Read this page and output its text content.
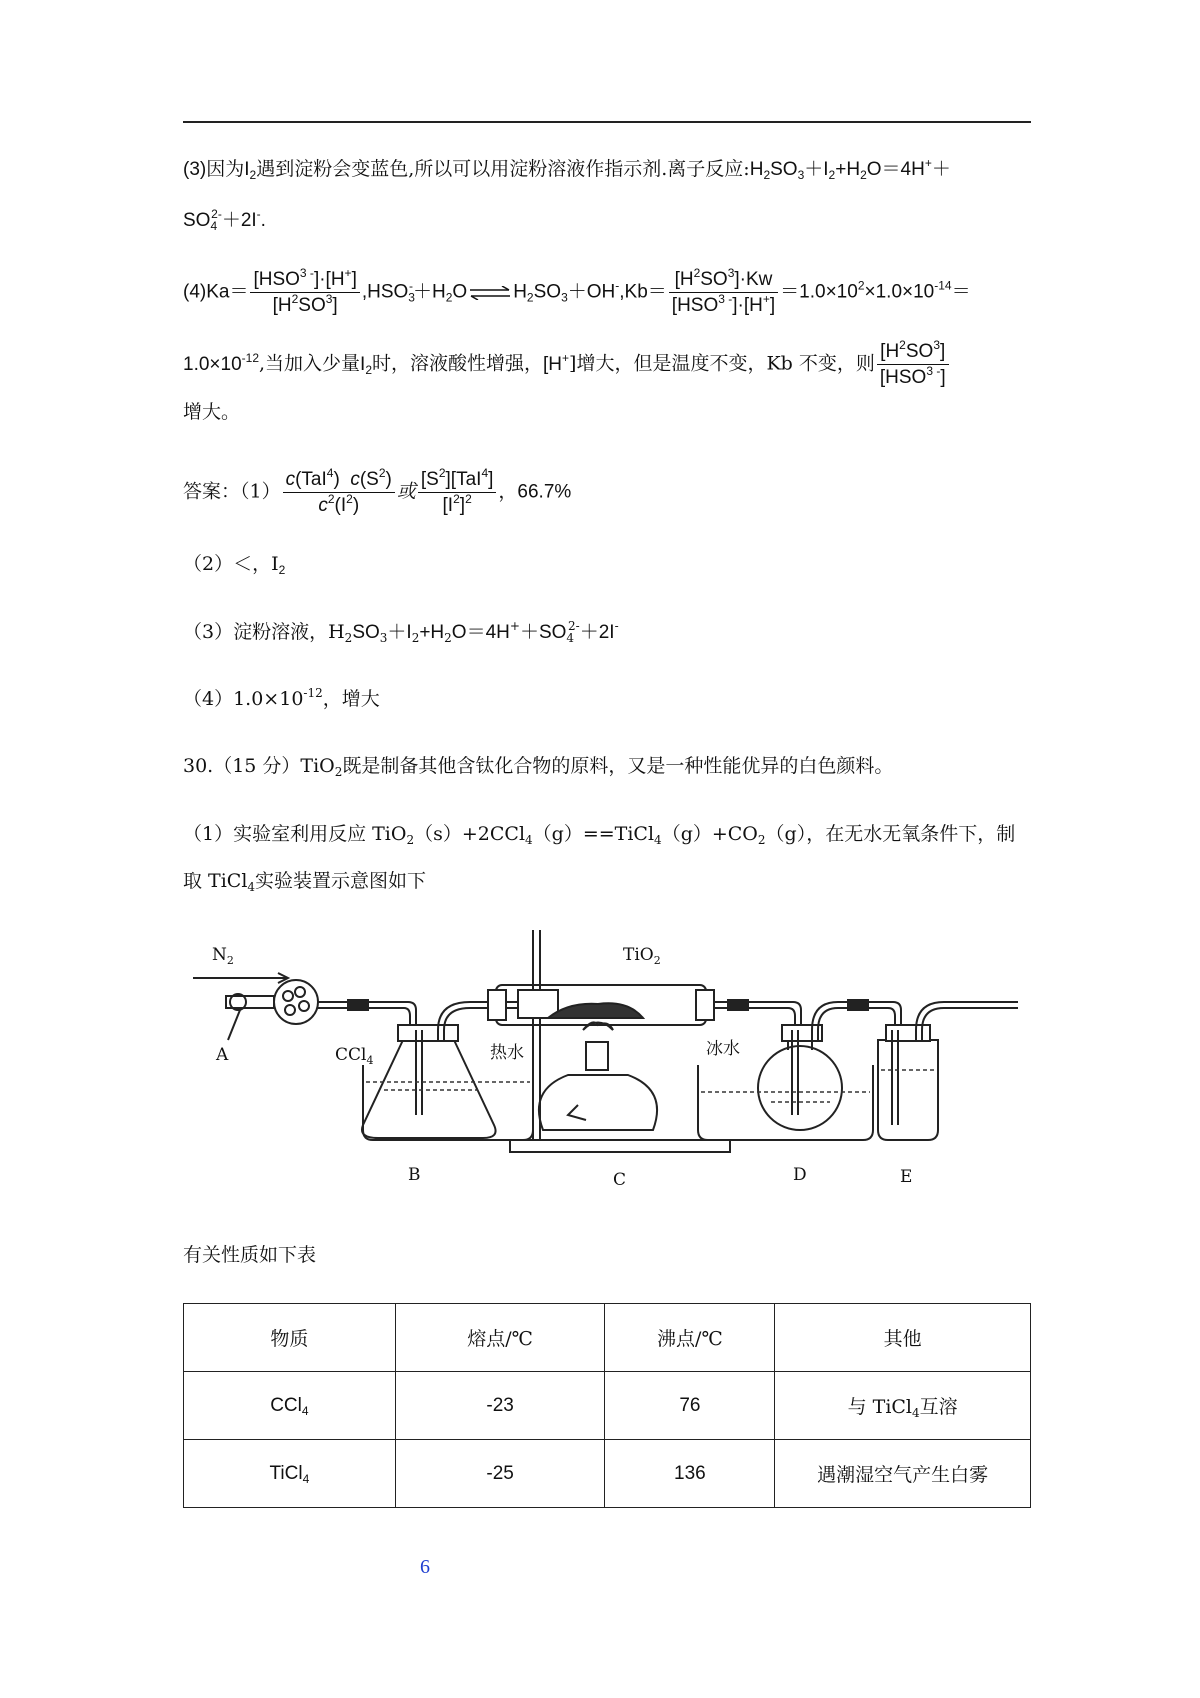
(3)因为$I_2$遇到淀粉会变蓝色,所以可以用淀粉溶液作指示剂.离子反应$:H_2SO_3+I_2+H_2O=4H^++$
$SO_4^{2-}+2I^-$.
$(4)Ka= \frac{[HSO^{3 -}]\cdot[H^+]}{[H^2SO^3]} ,HSO_3^-+H_2O$ ⇌ $H_2SO_3+OH^-,Kb= \frac{[H^2SO^3]\cdot Kw}{[HSO^{3 -}]\cdot[H^+]} =1.0\times 10^2\times 1.0\times 10^{-14}=$
$1.0\times 10^{-12}$,当加入少量$I_2$时，溶液酸性增强，[H+]增大，但是温度不变，Kb 不变，则 $\frac{[H^2SO^3]}{[HSO^{3 -}]}$
增大。
答案：$(1) \frac{c(TaI^4) c(S^2)}{c^2(I^2)}$ 或 $\frac{[S^2][TaI^4]}{[I^2]^2}$ ，66.7%
（2）＜，$I_2$
（3）淀粉溶液，$H_2SO_3+I_2+H_2O=4H^++SO_4^{2-}+2I^-$
$(4)1.0\times 10^{-12}$，增大
30.（15 分）TiO$_2$既是制备其他含钛化合物的原料，又是一种性能优异的白色颜料。
（1）实验室利用反应 $TiO_2(s)+2CCl_4(g)==TiCl_4(g)+CO_2(g)$，在无水无氧条件下，制
取 TiCl$_4$实验装置示意图如下
$N_2$	TiO$_2$
CCl$_4$	热水	冰水
A
B	C	D	E
有关性质如下表
物质	熔点/℃	沸点/℃	其他
CCl$_4$	-23	76	与 TiCl$_4$互溶
TiCl$_4$	-25	136	遇潮湿空气产生白雾
6
